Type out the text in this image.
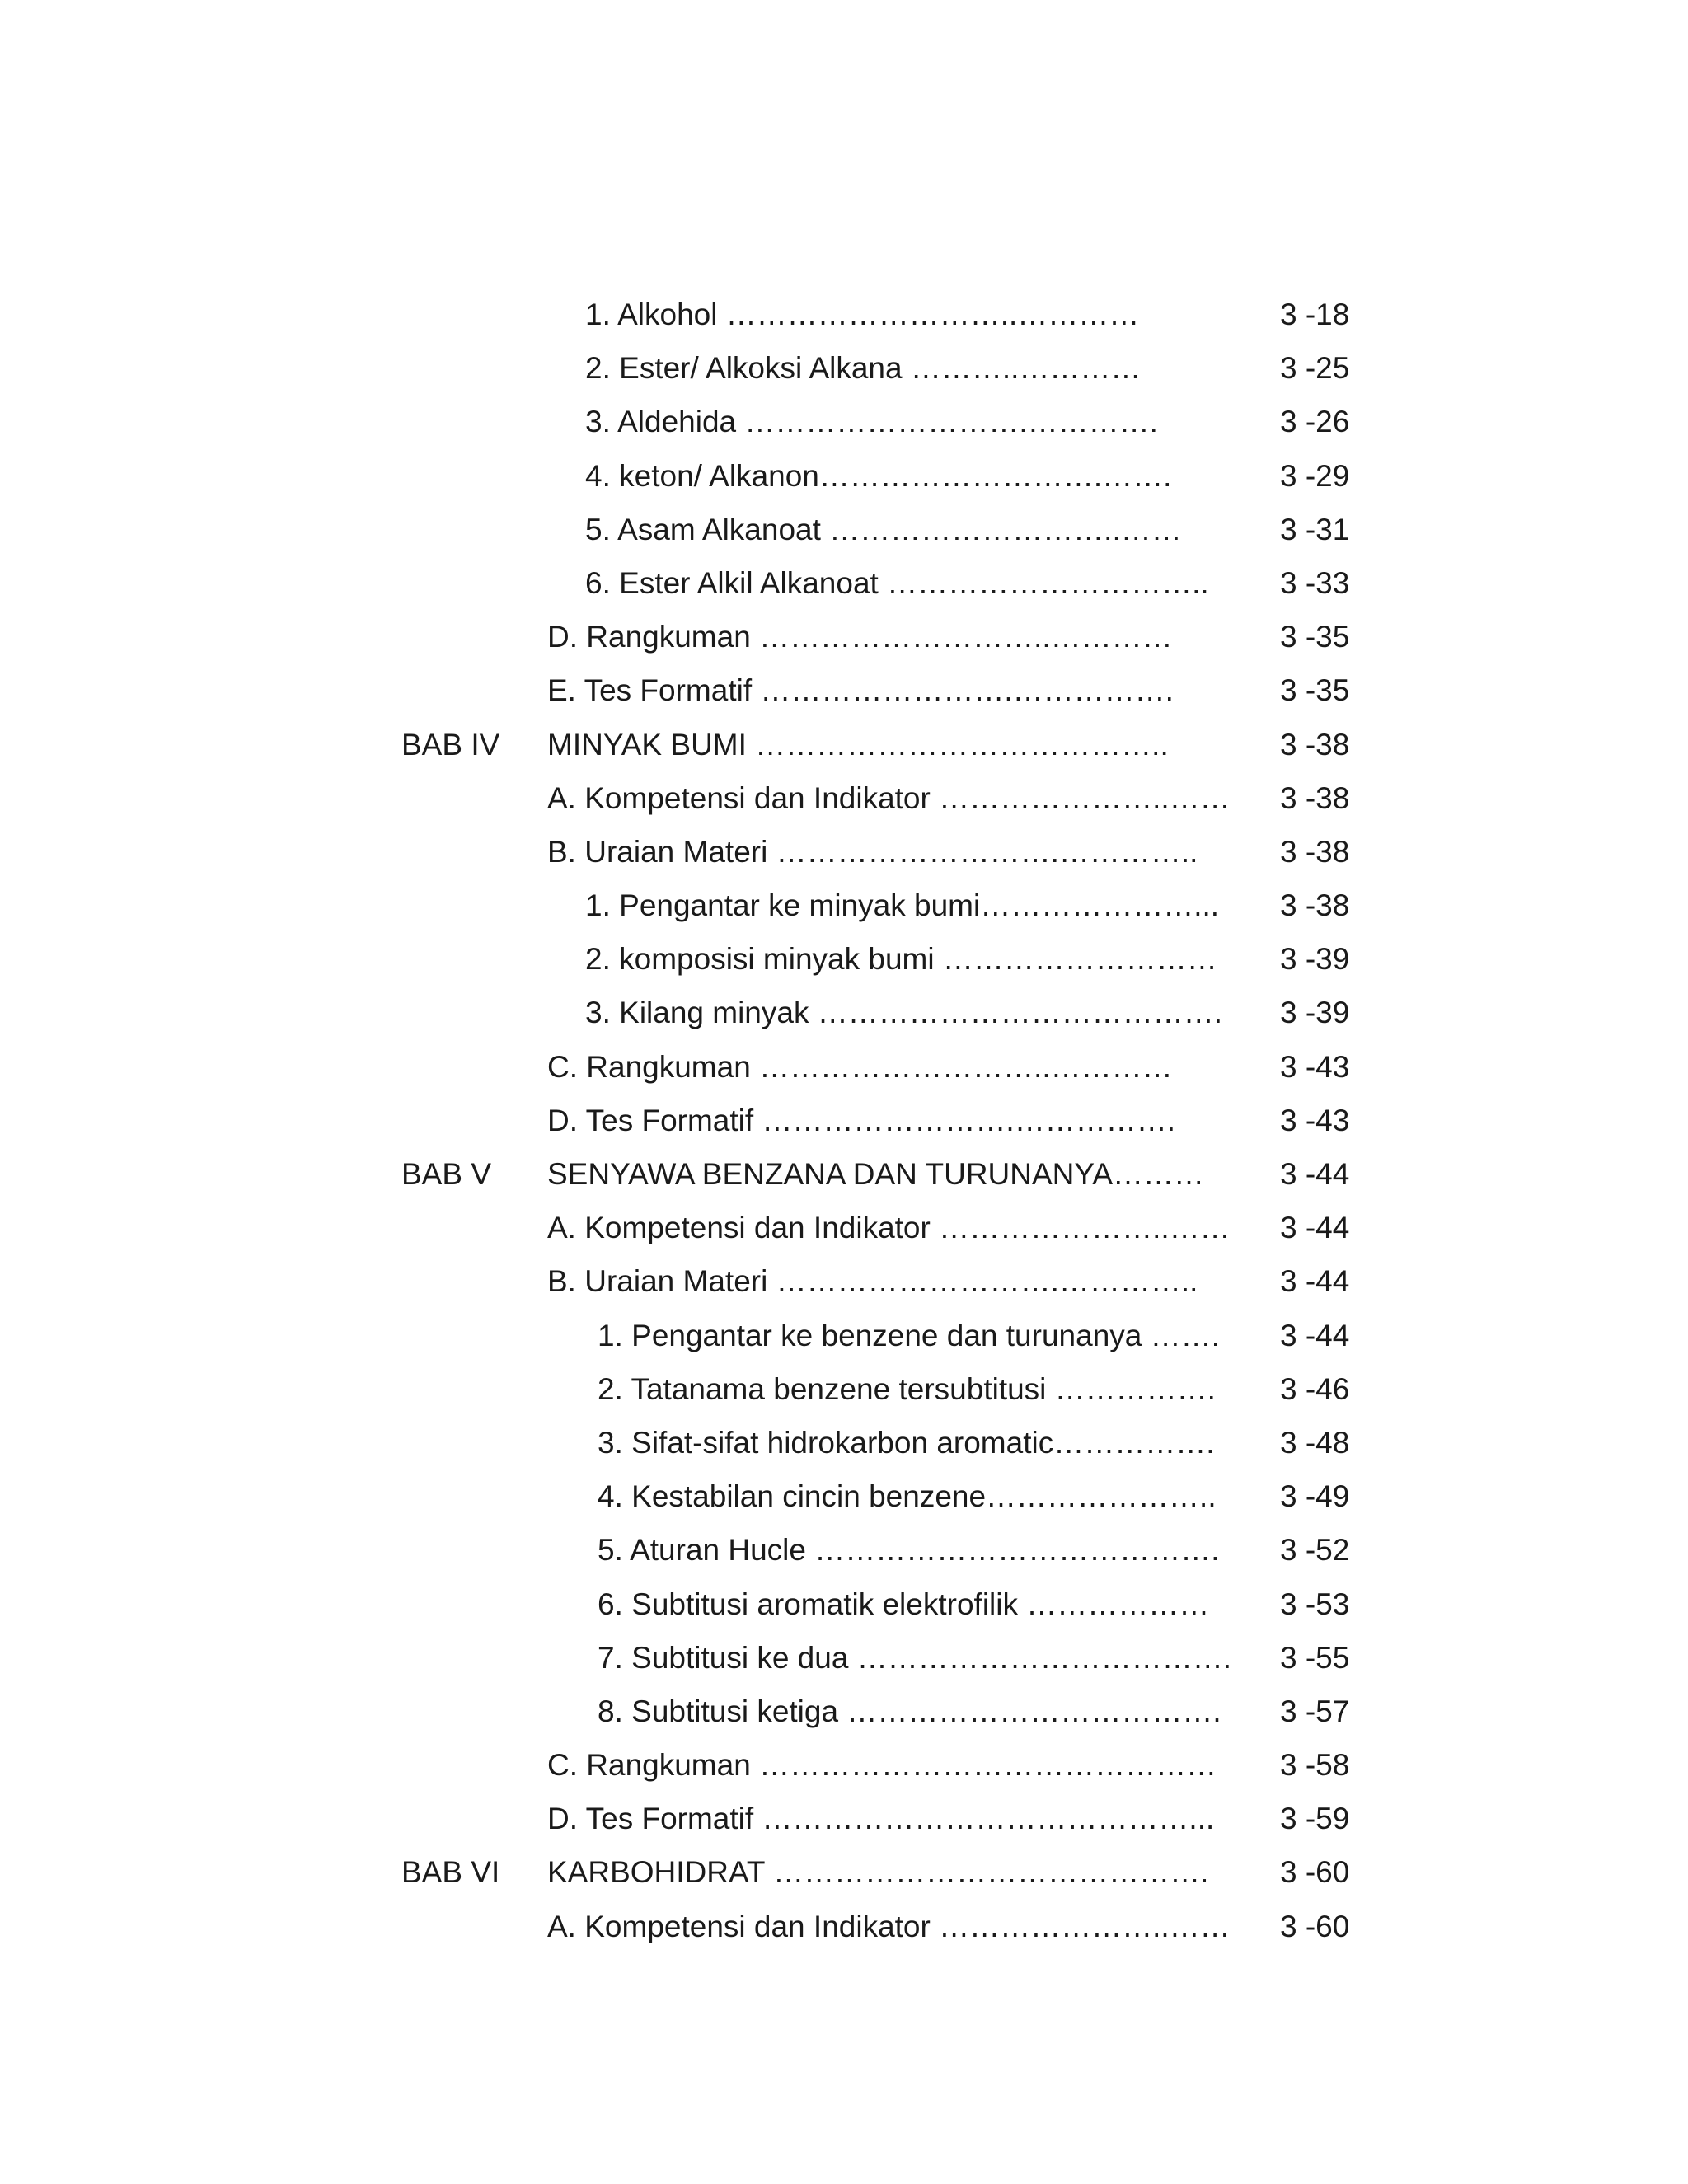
1. Alkohol ………………………..…………	3 -18
2. Ester/ Alkoksi Alkana ………..…………	3 -25
3. Aldehida ……………………….………….	3 -26
4. keton/ Alkanon……………………….…….	3 -29
5. Asam Alkanoat ………………………..……	3 -31
6. Ester Alkil Alkanoat ………………………….. 3 -33
D. Rangkuman ………………………..…………	3 -35
E. Tes Formatif …………………….…………….	3 -35
BAB IV MINYAK BUMI …………………………………..	3 -38
A. Kompetensi dan Indikator …………………..…… 3 -38
B. Uraian Materi ……………………….…………..	3 -38
1. Pengantar ke minyak bumi…………………... 3 -38
2. komposisi minyak bumi ……………………… 3 -39
3. Kilang minyak …………………………………. 3 -39
C. Rangkuman ………………………..…………	3 -43
D. Tes Formatif …………………….…………….	3 -43
BAB V SENYAWA BENZANA DAN TURUNANYA……… 3 -44
A. Kompetensi dan Indikator …………………..…… 3 -44
B. Uraian Materi ……………………….…………..	3 -44
1. Pengantar ke benzene dan turunanya ……. 3 -44
2. Tatanama benzene tersubtitusi ……………. 3 -46
3. Sifat-sifat hidrokarbon aromatic……………. 3 -48
4. Kestabilan cincin benzene………………….. 3 -49
5. Aturan Hucle …………………………………. 3 -52
6. Subtitusi aromatik elektrofilik ……………… 3 -53
7. Subtitusi ke dua ………………………………. 3 -55
8. Subtitusi ketiga ………………………………. 3 -57
C. Rangkuman ……………………………………… 3 -58
D. Tes Formatif ……………………………………... 3 -59
BAB VI KARBOHIDRAT ……………………………………. 3 -60
A. Kompetensi dan Indikator …………………..…… 3 -60
